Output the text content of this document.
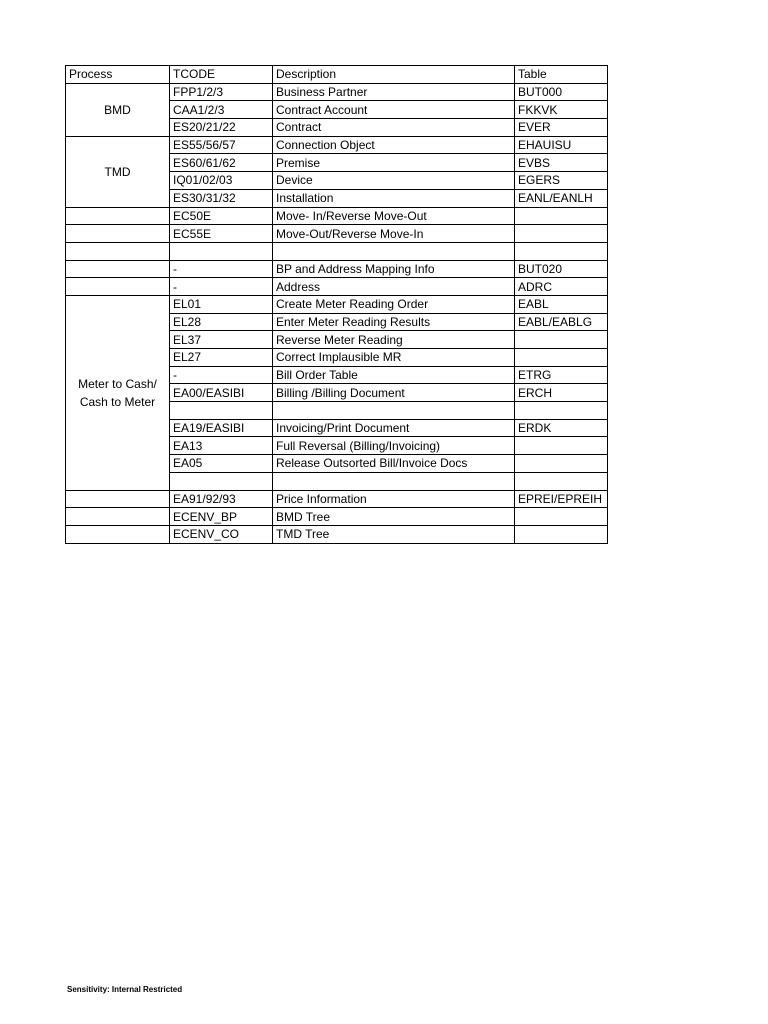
Process	TCODE	Description	Table
BMD	FPP1/2/3	Business Partner	BUT000
	CAA1/2/3	Contract Account	FKKVK
	ES20/21/22	Contract	EVER
TMD	ES55/56/57	Connection Object	EHAUISU
	ES60/61/62	Premise	EVBS
	IQ01/02/03	Device	EGERS
	ES30/31/32	Installation	EANL/EANLH
	EC50E	Move- In/Reverse Move-Out	
	EC55E	Move-Out/Reverse Move-In	

	-	BP and Address Mapping Info	BUT020
	-	Address	ADRC
Meter to Cash/
Cash to Meter	EL01	Create Meter Reading Order	EABL
	EL28	Enter Meter Reading Results	EABL/EABLG
	EL37	Reverse Meter Reading	
	EL27	Correct Implausible MR	
	-	Bill Order Table	ETRG
	EA00/EASIBI	Billing /Billing Document	ERCH

	EA19/EASIBI	Invoicing/Print Document	ERDK
	EA13	Full Reversal (Billing/Invoicing)	
	EA05	Release Outsorted Bill/Invoice Docs	

	EA91/92/93	Price Information	EPREI/EPREIH
	ECENV_BP	BMD Tree	
	ECENV_CO	TMD Tree	
Sensitivity: Internal Restricted
